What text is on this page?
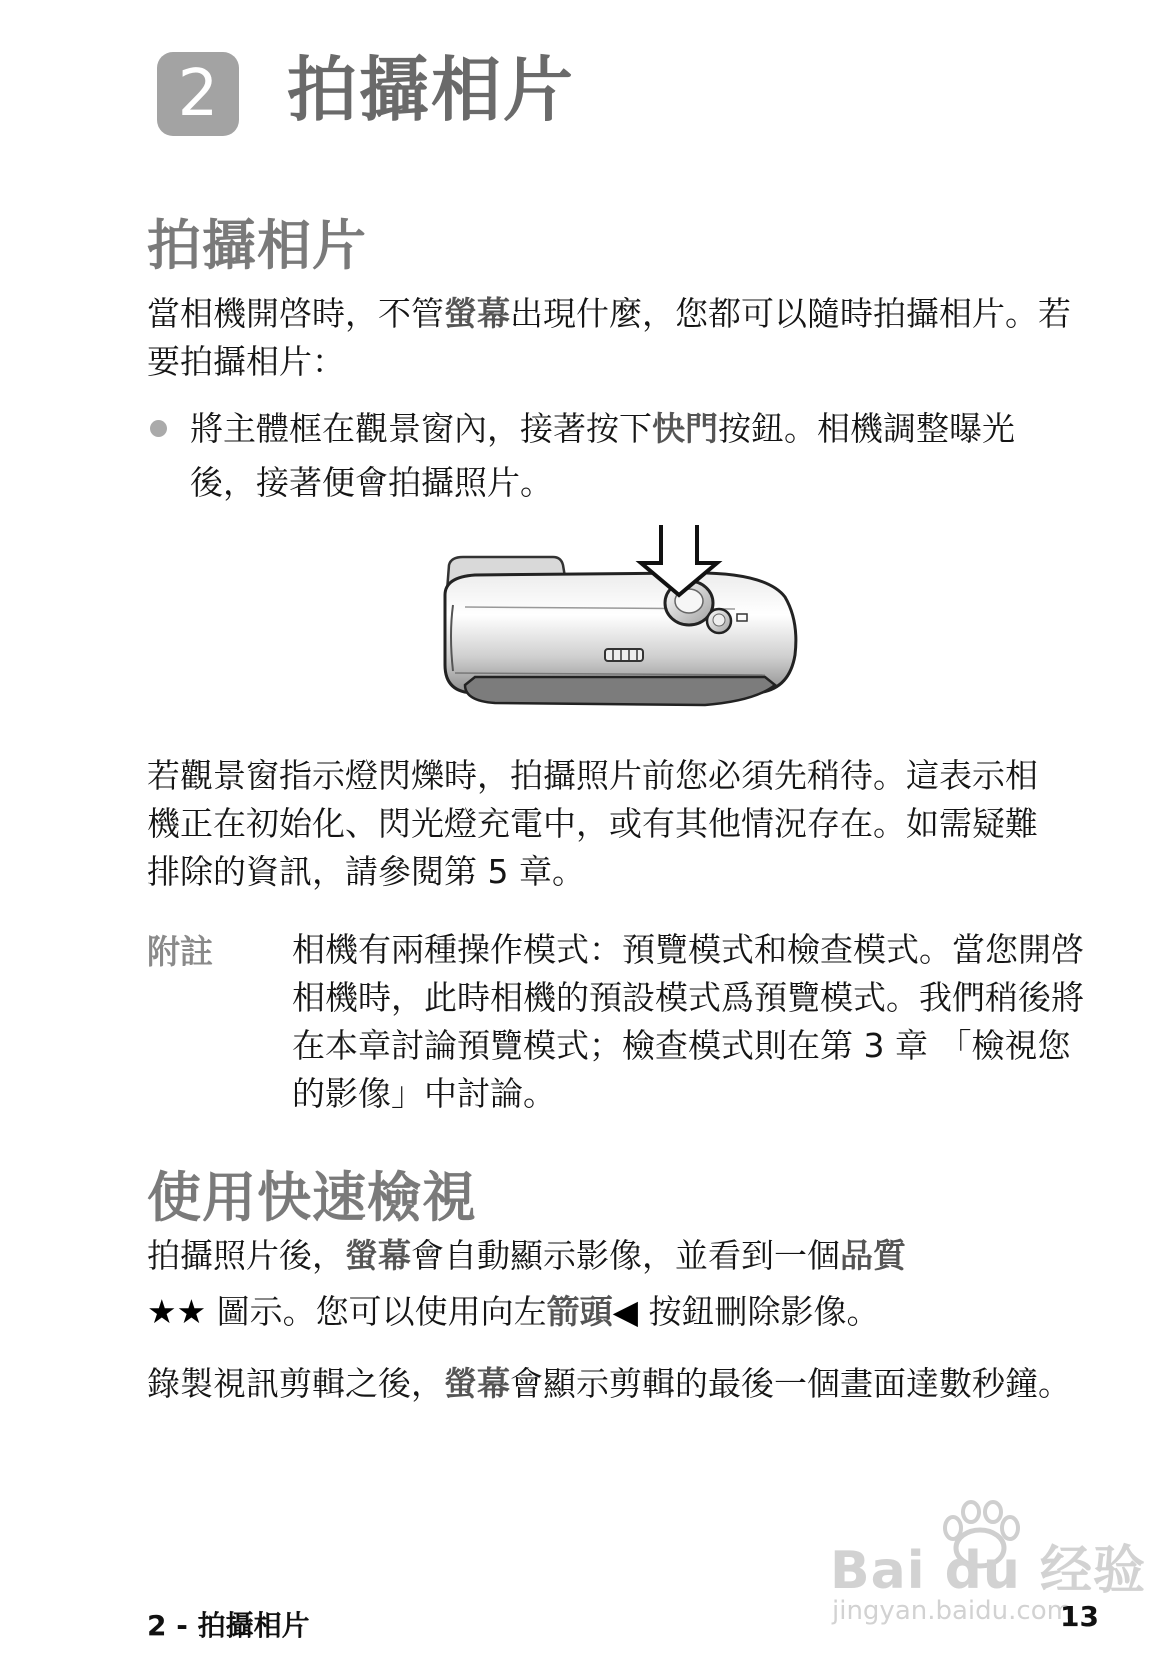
2 拍攝相片
拍攝相片
當相機開啓時，不管螢幕出現什麼，您都可以隨時拍攝相片。若要拍攝相片：
將主體框在觀景窗內，接著按下快門按鈕。相機調整曝光後，接著便會拍攝照片。
若觀景窗指示燈閃爍時，拍攝照片前您必須先稍待。這表示相機正在初始化、閃光燈充電中，或有其他情況存在。如需疑難排除的資訊，請參閱第 5 章。
附註 相機有兩種操作模式：預覽模式和檢查模式。當您開啓相機時，此時相機的預設模式爲預覽模式。我們稍後將在本章討論預覽模式；檢查模式則在第 3 章 「檢視您的影像」中討論。
使用快速檢視
拍攝照片後，螢幕會自動顯示影像，並看到一個品質
★★ 圖示。您可以使用向左箭頭◀ 按鈕刪除影像。
錄製視訊剪輯之後，螢幕會顯示剪輯的最後一個畫面達數秒鐘。
Bai du 经验
jingyan.baidu.com
2 - 拍攝相片	13
